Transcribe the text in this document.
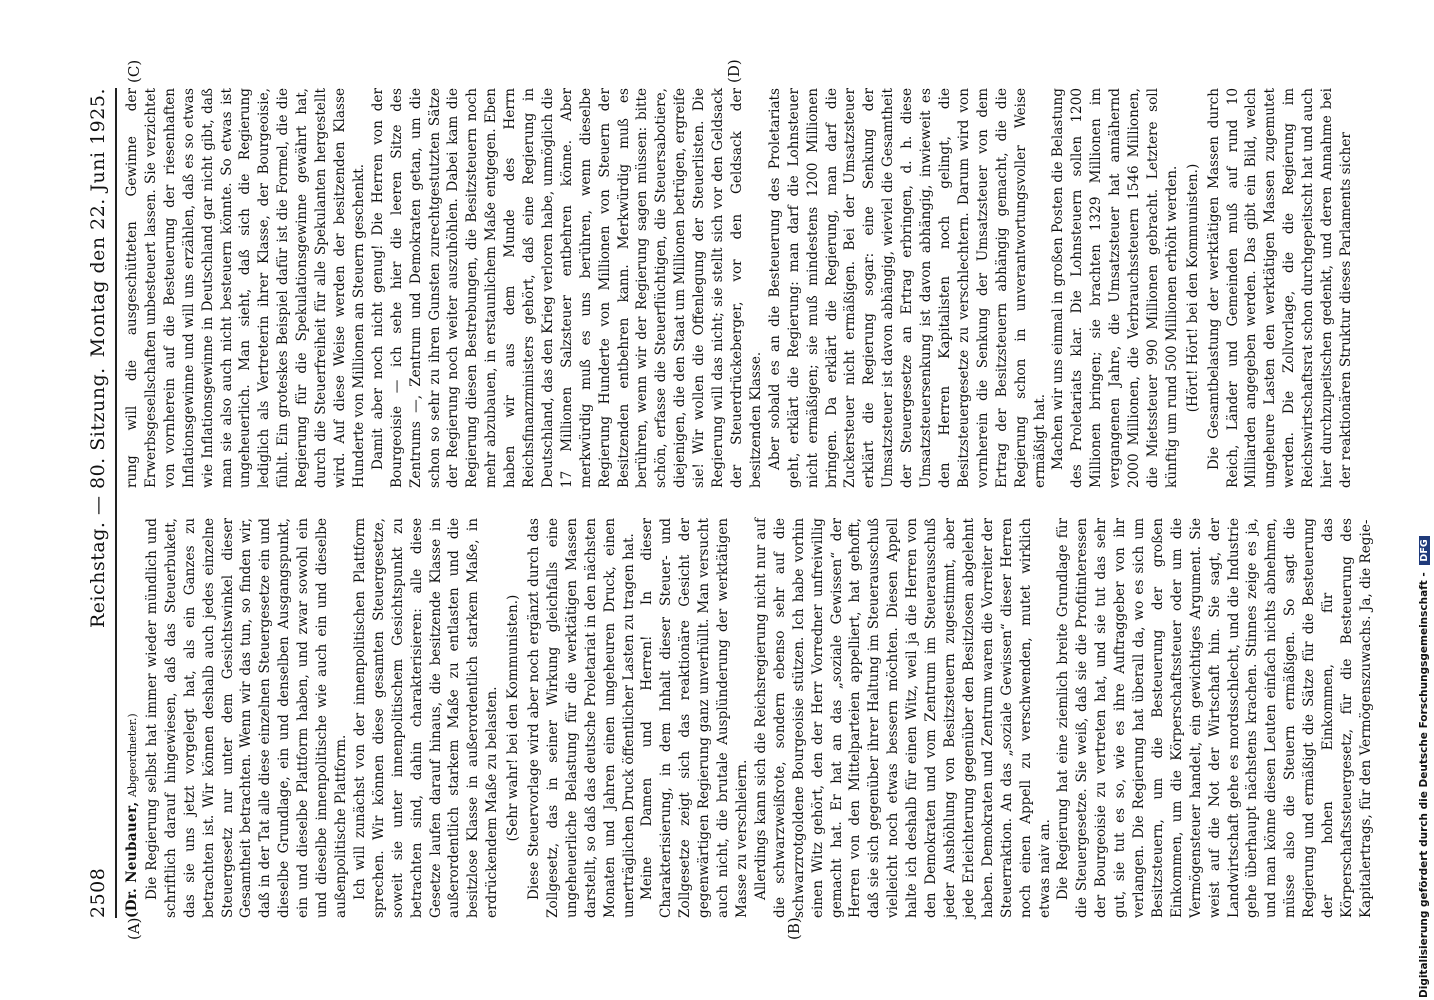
2508
Reichstag. — 80. Sitzung.
Montag den 22. Juni 1925.

(Dr. Neubauer, Abgeordneter.) Die Regierung selbst hat immer wieder mündlich und schriftlich darauf hingewiesen, daß das Steuerbukett, das sie uns jetzt vorgelegt hat, als ein Ganzes zu betrachten ist. Wir können deshalb auch jedes einzelne Steuergesetz nur unter dem Gesichtswinkel dieser Gesamtheit betrachten. Wenn wir das tun, so finden wir, daß in der Tat alle diese einzelnen Steuergesetze ein und dieselbe Grundlage, ein und denselben Ausgangspunkt, ein und dieselbe Plattform haben, und zwar sowohl ein und dieselbe innenpolitische wie auch ein und dieselbe außenpolitische Plattform. Ich will zunächst von der innenpolitischen Plattform sprechen. Wir können diese gesamten Steuergesetze, soweit sie unter innenpolitischem Gesichtspunkt zu betrachten sind, dahin charakterisieren: alle diese Gesetze laufen darauf hinaus, die besitzende Klasse in außerordentlich starkem Maße zu entlasten und die besitzlose Klasse in außerordentlich starkem Maße, in erdrückendem Maße zu belasten. (Sehr wahr! bei den Kommunisten.) Diese Steuervorlage wird aber noch ergänzt durch das Zollgesetz, das in seiner Wirkung gleichfalls eine ungeheuerliche Belastung für die werktätigen Massen darstellt, so daß das deutsche Proletariat in den nächsten Monaten und Jahren einen ungeheuren Druck, einen unerträglichen Druck öffentlicher Lasten zu tragen hat. Meine Damen und Herren! In dieser Charakterisierung, in dem Inhalt dieser Steuer- und Zollgesetze zeigt sich das reaktionäre Gesicht der gegenwärtigen Regierung ganz unverhüllt. Man versucht auch nicht, die brutale Ausplünderung der werktätigen Masse zu verschleiern. Allerdings kann sich die Reichsregierung nicht nur auf die schwarzweißrote, sondern ebenso sehr auf die schwarzrotgoldene Bourgeoisie stützen. Ich habe vorhin einen Witz gehört, den der Herr Vorredner unfreiwillig gemacht hat. Er hat an das „soziale Gewissen“ der Herren von den Mittelparteien appelliert, hat gehofft, daß sie sich gegenüber ihrer Haltung im Steuerausschuß vielleicht noch etwas bessern möchten. Diesen Appell halte ich deshalb für einen Witz, weil ja die Herren von den Demokraten und vom Zentrum im Steuerausschuß jeder Aushöhlung von Besitzsteuern zugestimmt, aber jede Erleichterung gegenüber den Besitzlosen abgelehnt haben. Demokraten und Zentrum waren die Vorreiter der Steuerraktion. An das „soziale Gewissen“ dieser Herren noch einen Appell zu verschwenden, mutet wirklich etwas naiv an. Die Regierung hat eine ziemlich breite Grundlage für die Steuergesetze. Sie weiß, daß sie die Profitinteressen der Bourgeoisie zu vertreten hat, und sie tut das sehr gut, sie tut es so, wie es ihre Auftraggeber von ihr verlangen. Die Regierung hat überall da, wo es sich um Besitzsteuern, um die Besteuerung der großen Einkommen, um die Körperschaftssteuer oder um die Vermögensteuer handelt, ein gewichtiges Argument. Sie weist auf die Not der Wirtschaft hin. Sie sagt, der Landwirtschaft gehe es mordsschlecht, und die Industrie gehe überhaupt nächstens krachen. Stinnes zeige es ja, und man könne diesen Leuten einfach nichts abnehmen, müsse also die Steuern ermäßigen. So sagt die Regierung und ermäßigt die Sätze für die Besteuerung der hohen Einkommen, für das Körperschaftssteuergesetz, für die Besteuerung des Kapitalertrags, für den Vermögenszuwachs. Ja, die Regie-

rung will die ausgeschütteten Gewinne der Erwerbsgesellschaften unbesteuert lassen. Sie verzichtet von vornherein auf die Besteuerung der riesenhaften Inflationsgewinne und will uns erzählen, daß es so etwas wie Inflationsgewinne in Deutschland gar nicht gibt, daß man sie also auch nicht besteuern könnte. So etwas ist ungeheuerlich. Man sieht, daß sich die Regierung lediglich als Vertreterin ihrer Klasse, der Bourgeoisie, fühlt. Ein groteskes Beispiel dafür ist die Formel, die die Regierung für die Spekulationsgewinne gewährt hat, durch die Steuerfreiheit für alle Spekulanten hergestellt wird. Auf diese Weise werden der besitzenden Klasse Hunderte von Millionen an Steuern geschenkt. Damit aber noch nicht genug! Die Herren von der Bourgeoisie — ich sehe hier die leeren Sitze des Zentrums —, Zentrum und Demokraten getan, um die schon so sehr zu ihren Gunsten zurechtgestutzten Sätze der Regierung noch weiter auszuhöhlen. Dabei kam die Regierung diesen Bestrebungen, die Besitzsteuern noch mehr abzubauen, in erstaunlichem Maße entgegen. Eben haben wir aus dem Munde des Herrn Reichsfinanzministers gehört, daß eine Regierung in Deutschland, das den Krieg verloren habe, unmöglich die 17 Millionen Salzsteuer entbehren könne. Aber merkwürdig muß es uns berühren, wenn dieselbe Regierung Hunderte von Millionen von Steuern der Besitzenden entbehren kann. Merkwürdig muß es berühren, wenn wir der Regierung sagen müssen: bitte schön, erfasse die Steuerflüchtigen, die Steuersabotiere, diejenigen, die den Staat um Millionen betrügen, ergreife sie! Wir wollen die Offenlegung der Steuerlisten. Die Regierung will das nicht; sie stellt sich vor den Geldsack der Steuerdrückeberger, vor den Geldsack der besitzenden Klasse. Aber sobald es an die Besteuerung des Proletariats geht, erklärt die Regierung: man darf die Lohnsteuer nicht ermäßigen; sie muß mindestens 1200 Millionen bringen. Da erklärt die Regierung, man darf die Zuckersteuer nicht ermäßigen. Bei der Umsatzsteuer erklärt die Regierung sogar: eine Senkung der Umsatzsteuer ist davon abhängig, wieviel die Gesamtheit der Steuergesetze an Ertrag erbringen, d. h. diese Umsatzsteuersenkung ist davon abhängig, inwieweit es den Herren Kapitalisten noch gelingt, die Besitzsteuergesetze zu verschlechtern. Darum wird von vornherein die Senkung der Umsatzsteuer von dem Ertrag der Besitzsteuern abhängig gemacht, die die Regierung schon in unverantwortungsvoller Weise ermäßigt hat. Machen wir uns einmal in großen Posten die Belastung des Proletariats klar. Die Lohnsteuern sollen 1200 Millionen bringen; sie brachten 1329 Millionen im vergangenen Jahre, die Umsatzsteuer hat annähernd 2000 Millionen, die Verbrauchssteuern 1546 Millionen, die Mietssteuer 990 Millionen gebracht. Letztere soll künftig um rund 500 Millionen erhöht werden. (Hört! Hört! bei den Kommunisten.) Die Gesamtbelastung der werktätigen Massen durch Reich, Länder und Gemeinden muß auf rund 10 Milliarden angegeben werden. Das gibt ein Bild, welch ungeheure Lasten den werktätigen Massen zugemutet werden. Die Zollvorlage, die die Regierung im Reichswirtschaftsrat schon durchgepeitscht hat und auch hier durchzupeitschen gedenkt, und deren Annahme bei der reaktionären Struktur dieses Parlaments sicher

(A)	(B)
(C)	(D)
Digitalisierung gefördert durch die Deutsche Forschungsgemeinschaft - DFG
